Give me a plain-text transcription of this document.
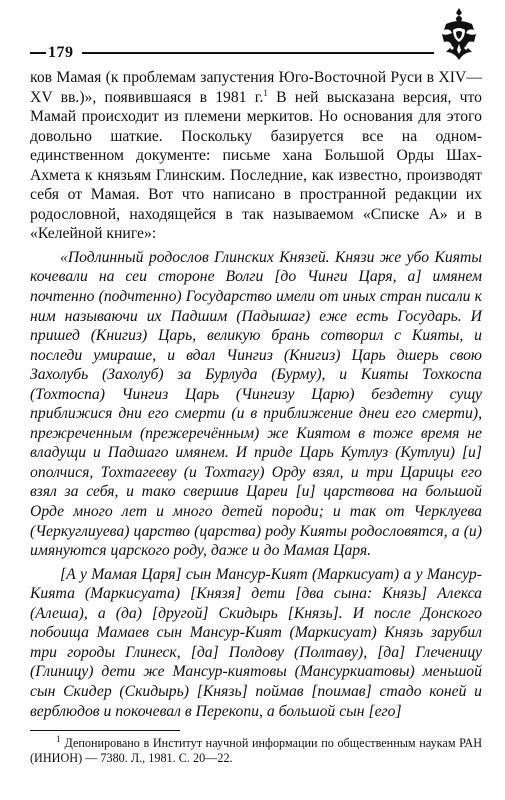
179

ков Мамая (к проблемам запустения Юго-Восточной Руси в XIV—XV вв.)», появившаяся в 1981 г.$^1$ В ней высказана версия, что Мамай происходит из племени меркитов. Но основания для этого довольно шаткие. Поскольку базируется все на одном-единственном документе: письме хана Большой Орды Шах-Ахмета к князьям Глинским. Последние, как известно, производят себя от Мамая. Вот что написано в пространной редакции их родословной, находящейся в так называемом «Списке А» и в «Келейной книге»:

«Подлинный родослов Глинских Князей. Князи же убо Кияты кочевали на сеи стороне Волги [до Чинги Царя, а] имянем почтенно (подчтенно) Государство имели от иных стран писали к ним называючи их Падшим (Падышаг) еже есть Государь. И пришед (Книгиз) Царь, великую брань сотворил с Кияты, и последи умираше, и вдал Чингиз (Книгиз) Царь дшерь свою Захолубь (Захолуб) за Бурлуда (Бурму), и Кияты Тохкоспа (Тохтоспа) Чингиз Царь (Чингизу Царю) бездетну сущу приближися дни его смерти (и в приближение днеи его смерти), прежреченным (прежеречённым) же Киятом в тоже время не владущи и Падшаго имянем. И приде Царь Кутлуз (Кутлуи) [и] ополчися, Тохтагееву (и Тохтагу) Орду взял, и три Царицы его взял за себя, и тако свершив Цареи [и] царствова на большой Орде много лет и много детей породи; и так от Черклуева (Черкуглиуева) царство (царства) роду Кияты родословятся, а (и) имянуются царского роду, даже и до Мамая Царя.

[А у Мамая Царя] сын Мансур-Кият (Маркисуат) а у Мансур-Кията (Маркисуата) [Князя] дети [два сына: Князь] Алекса (Алеша), а (да) [другой] Скидырь [Князь]. И после Донского побоища Мамаев сын Мансур-Кият (Маркисуат) Князь зарубил три городы Глинеск, [да] Полдову (Полтаву), [да] Глеченицу (Глиницу) дети же Мансур-киятовы (Мансуркиатовы) меньшой сын Скидер (Скидырь) [Князь] поймав [поимав] стадо коней и верблюдов и покочевал в Перекопи, а большой сын [его]

$^1$ Депонировано в Институт научной информации по общественным наукам РАН (ИНИОН) — 7380. Л., 1981. С. 20—22.
